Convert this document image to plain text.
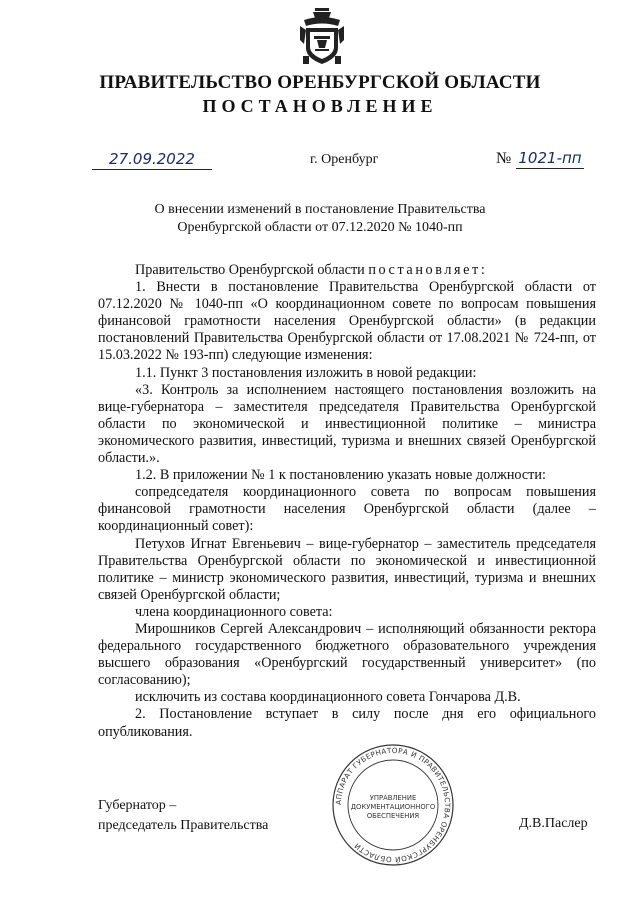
ПРАВИТЕЛЬСТВО ОРЕНБУРГСКОЙ ОБЛАСТИ
ПОСТАНОВЛЕНИЕ
27.09.2022	г. Оренбург	№ 1021-пп
О внесении изменений в постановление Правительства
Оренбургской области от 07.12.2020 № 1040-пп

Правительство Оренбургской области постановляет:

1. Внести в постановление Правительства Оренбургской области от 07.12.2020 № 1040-пп «О координационном совете по вопросам повышения финансовой грамотности населения Оренбургской области» (в редакции постановлений Правительства Оренбургской области от 17.08.2021 № 724-пп, от 15.03.2022 № 193-пп) следующие изменения:

1.1. Пункт 3 постановления изложить в новой редакции:

«3. Контроль за исполнением настоящего постановления возложить на вице-губернатора – заместителя председателя Правительства Оренбургской области по экономической и инвестиционной политике – министра экономического развития, инвестиций, туризма и внешних связей Оренбургской области.».

1.2. В приложении № 1 к постановлению указать новые должности:

сопредседателя координационного совета по вопросам повышения финансовой грамотности населения Оренбургской области (далее – координационный совет):

Петухов Игнат Евгеньевич – вице-губернатор – заместитель председателя Правительства Оренбургской области по экономической и инвестиционной политике – министр экономического развития, инвестиций, туризма и внешних связей Оренбургской области;

члена координационного совета:

Мирошников Сергей Александрович – исполняющий обязанности ректора федерального государственного бюджетного образовательного учреждения высшего образования «Оренбургский государственный университет» (по согласованию);

исключить из состава координационного совета Гончарова Д.В.

2. Постановление вступает в силу после дня его официального опубликования.

Губернатор –
председатель Правительства	Д.В.Паслер
АППАРАТ ГУБЕРНАТОРА И ПРАВИТЕЛЬСТВА ОРЕНБУРГСКОЙ ОБЛАСТИ
УПРАВЛЕНИЕ
ДОКУМЕНТАЦИОННОГО
ОБЕСПЕЧЕНИЯ
